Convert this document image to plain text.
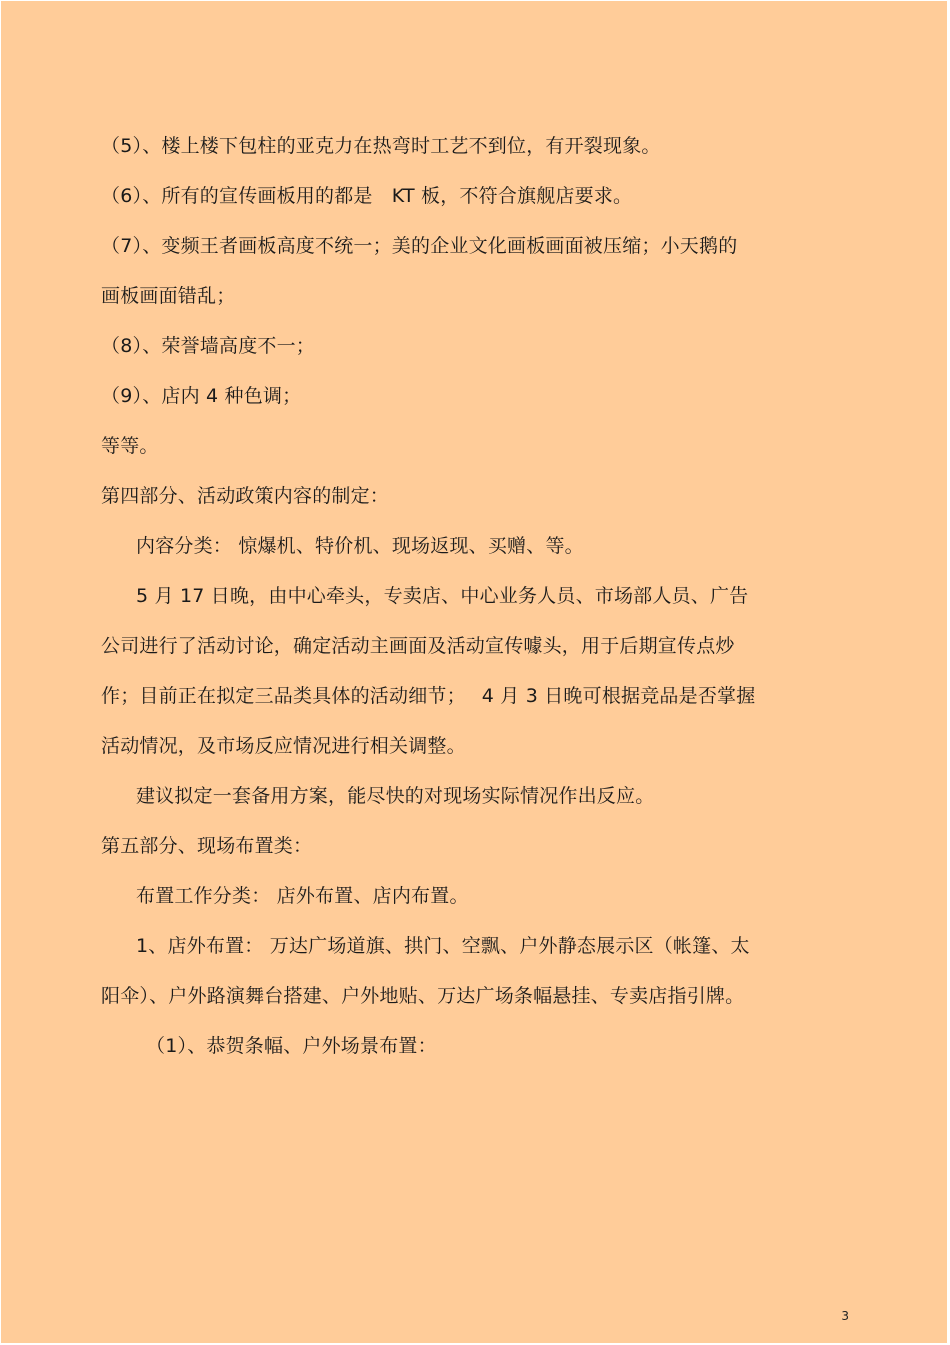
（5）、楼上楼下包柱的亚克力在热弯时工艺不到位，有开裂现象。
（6）、所有的宣传画板用的都是　KT 板，不符合旗舰店要求。
（7）、变频王者画板高度不统一；美的企业文化画板画面被压缩；小天鹅的
画板画面错乱；
（8）、荣誉墙高度不一；
（9）、店内 4 种色调；
等等。
第四部分、活动政策内容的制定：
内容分类： 惊爆机、特价机、现场返现、买赠、等。
5 月 17 日晚，由中心牵头，专卖店、中心业务人员、市场部人员、广告
公司进行了活动讨论，确定活动主画面及活动宣传噱头，用于后期宣传点炒
作；目前正在拟定三品类具体的活动细节；　 4 月 3 日晚可根据竞品是否掌握
活动情况，及市场反应情况进行相关调整。
建议拟定一套备用方案，能尽快的对现场实际情况作出反应。
第五部分、现场布置类：
布置工作分类： 店外布置、店内布置。
1、店外布置： 万达广场道旗、拱门、空飘、户外静态展示区（帐篷、太
阳伞）、户外路演舞台搭建、户外地贴、万达广场条幅悬挂、专卖店指引牌。
（1）、恭贺条幅、户外场景布置：
3
